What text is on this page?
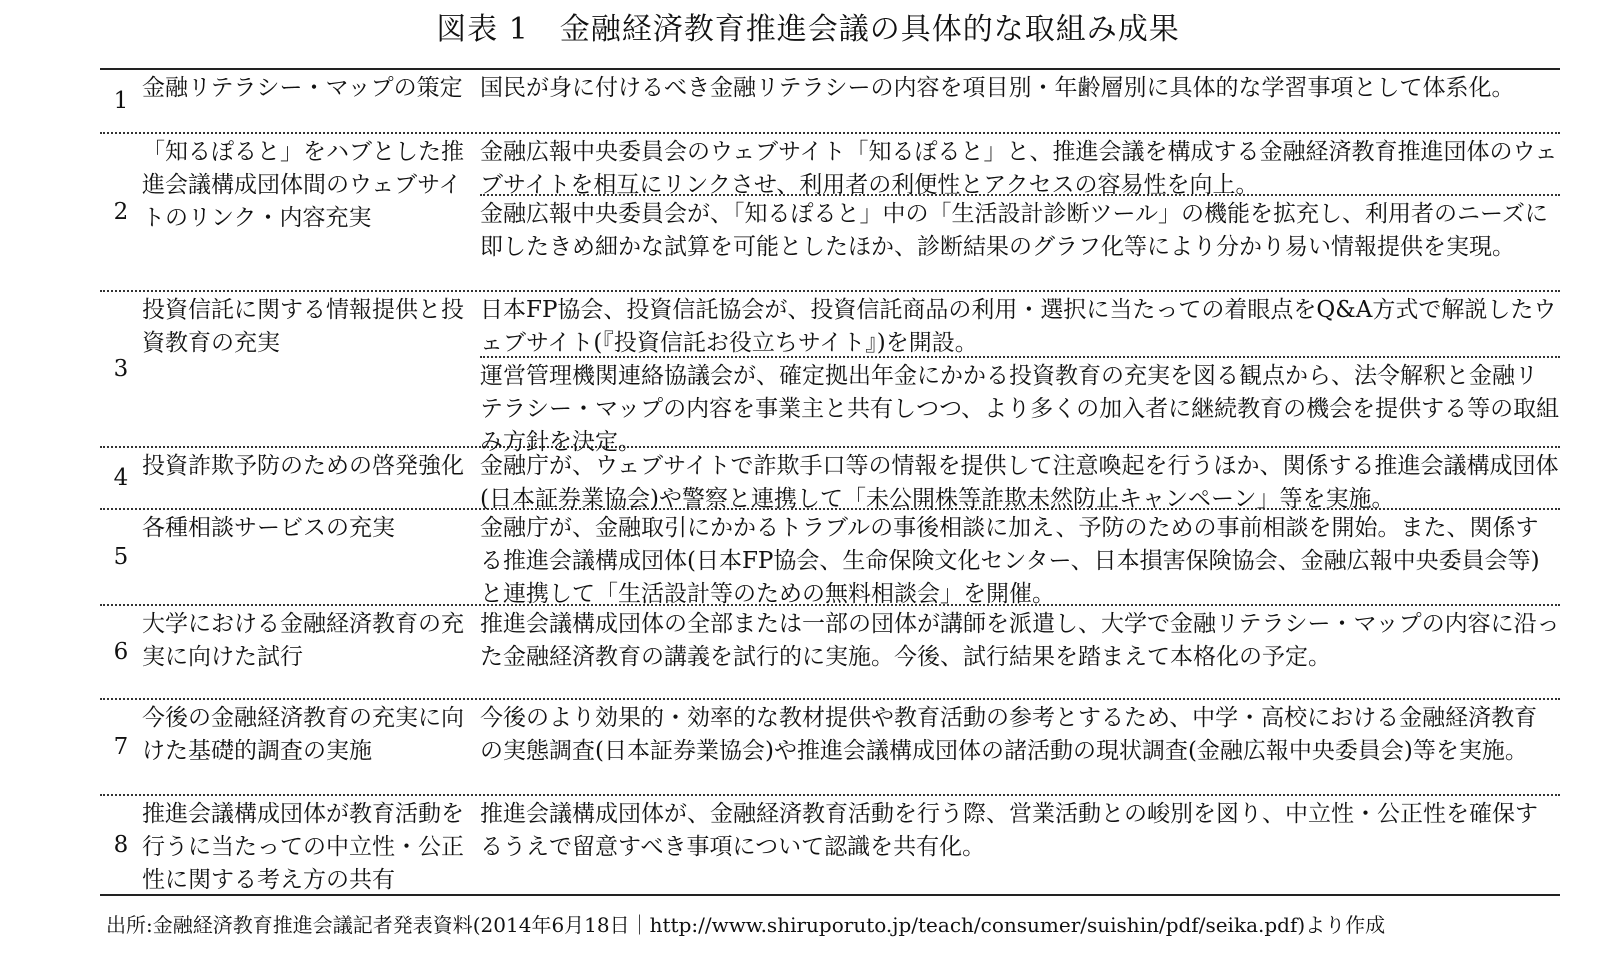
図表 1　金融経済教育推進会議の具体的な取組み成果
1 金融リテラシー・マップの策定 国民が身に付けるべき金融リテラシーの内容を項目別・年齢層別に具体的な学習事項として体系化。
2
「知るぽると」をハブとした推進会議構成団体間のウェブサイトのリンク・内容充実
金融広報中央委員会のウェブサイト「知るぽると」と、推進会議を構成する金融経済教育推進団体のウェブサイトを相互にリンクさせ、利用者の利便性とアクセスの容易性を向上。
金融広報中央委員会が、「知るぽると」中の「生活設計診断ツール」の機能を拡充し、利用者のニーズに即したきめ細かな試算を可能としたほか、診断結果のグラフ化等により分かり易い情報提供を実現。
3
投資信託に関する情報提供と投資教育の充実
日本FP協会、投資信託協会が、投資信託商品の利用・選択に当たっての着眼点をQ&A方式で解説したウェブサイト(『投資信託お役立ちサイト』)を開設。
運営管理機関連絡協議会が、確定拠出年金にかかる投資教育の充実を図る観点から、法令解釈と金融リテラシー・マップの内容を事業主と共有しつつ、より多くの加入者に継続教育の機会を提供する等の取組み方針を決定。
4 投資詐欺予防のための啓発強化 金融庁が、ウェブサイトで詐欺手口等の情報を提供して注意喚起を行うほか、関係する推進会議構成団体(日本証券業協会)や警察と連携して「未公開株等詐欺未然防止キャンペーン」等を実施。
5
各種相談サービスの充実	金融庁が、金融取引にかかるトラブルの事後相談に加え、予防のための事前相談を開始。また、関係する推進会議構成団体(日本FP協会、生命保険文化センター、日本損害保険協会、金融広報中央委員会等)と連携して「生活設計等のための無料相談会」を開催。
6
大学における金融経済教育の充実に向けた試行
推進会議構成団体の全部または一部の団体が講師を派遣し、大学で金融リテラシー・マップの内容に沿った金融経済教育の講義を試行的に実施。今後、試行結果を踏まえて本格化の予定。
7
今後の金融経済教育の充実に向けた基礎的調査の実施
今後のより効果的・効率的な教材提供や教育活動の参考とするため、中学・高校における金融経済教育の実態調査(日本証券業協会)や推進会議構成団体の諸活動の現状調査(金融広報中央委員会)等を実施。
8
推進会議構成団体が教育活動を行うに当たっての中立性・公正性に関する考え方の共有
推進会議構成団体が、金融経済教育活動を行う際、営業活動との峻別を図り、中立性・公正性を確保するうえで留意すべき事項について認識を共有化。
出所:金融経済教育推進会議記者発表資料(2014年6月18日｜http://www.shiruporuto.jp/teach/consumer/suishin/pdf/seika.pdf)より作成
